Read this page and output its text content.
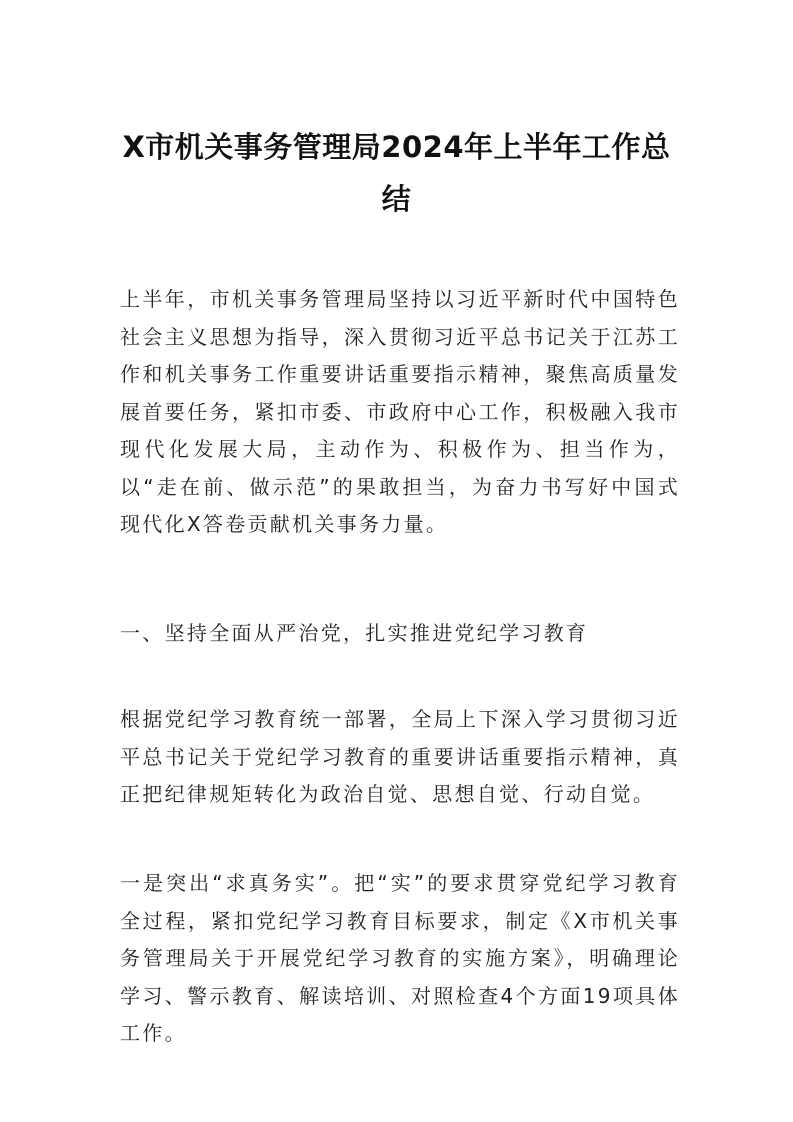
X市机关事务管理局2024年上半年工作总结

上半年，市机关事务管理局坚持以习近平新时代中国特色社会主义思想为指导，深入贯彻习近平总书记关于江苏工作和机关事务工作重要讲话重要指示精神，聚焦高质量发展首要任务，紧扣市委、市政府中心工作，积极融入我市现代化发展大局，主动作为、积极作为、担当作为，以“走在前、做示范”的果敢担当，为奋力书写好中国式现代化X答卷贡献机关事务力量。

一、坚持全面从严治党，扎实推进党纪学习教育

根据党纪学习教育统一部署，全局上下深入学习贯彻习近平总书记关于党纪学习教育的重要讲话重要指示精神，真正把纪律规矩转化为政治自觉、思想自觉、行动自觉。

一是突出“求真务实”。把“实”的要求贯穿党纪学习教育全过程，紧扣党纪学习教育目标要求，制定《X市机关事务管理局关于开展党纪学习教育的实施方案》，明确理论学习、警示教育、解读培训、对照检查4个方面19项具体工作。
